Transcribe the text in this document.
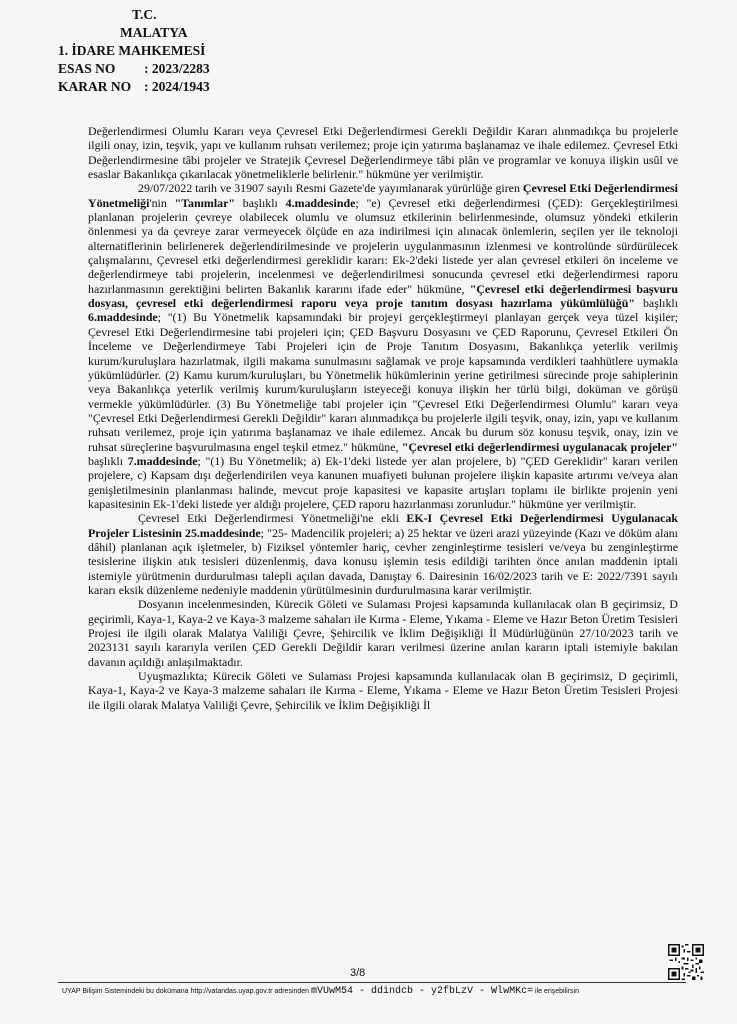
T.C.
MALATYA
1. İDARE MAHKEMESİ
ESAS NO	: 2023/2283
KARAR NO : 2024/1943

Değerlendirmesi Olumlu Kararı veya Çevresel Etki Değerlendirmesi Gerekli Değildir Kararı alınmadıkça bu projelerle ilgili onay, izin, teşvik, yapı ve kullanım ruhsatı verilemez; proje için yatırıma başlanamaz ve ihale edilemez. Çevresel Etki Değerlendirmesine tâbi projeler ve Stratejik Çevresel Değerlendirmeye tâbi plân ve programlar ve konuya ilişkin usûl ve esaslar Bakanlıkça çıkarılacak yönetmeliklerle belirlenir." hükmüne yer verilmiştir.

29/07/2022 tarih ve 31907 sayılı Resmi Gazete'de yayımlanarak yürürlüğe giren Çevresel Etki Değerlendirmesi Yönetmeliği'nin "Tanımlar" başlıklı 4.maddesinde; "e) Çevresel etki değerlendirmesi (ÇED): Gerçekleştirilmesi planlanan projelerin çevreye olabilecek olumlu ve olumsuz etkilerinin belirlenmesinde, olumsuz yöndeki etkilerin önlenmesi ya da çevreye zarar vermeyecek ölçüde en aza indirilmesi için alınacak önlemlerin, seçilen yer ile teknoloji alternatiflerinin belirlenerek değerlendirilmesinde ve projelerin uygulanmasının izlenmesi ve kontrolünde sürdürülecek çalışmalarını, Çevresel etki değerlendirmesi gereklidir kararı: Ek-2'deki listede yer alan çevresel etkileri ön inceleme ve değerlendirmeye tabi projelerin, incelenmesi ve değerlendirilmesi sonucunda çevresel etki değerlendirmesi raporu hazırlanmasının gerektiğini belirten Bakanlık kararını ifade eder" hükmüne, "Çevresel etki değerlendirmesi başvuru dosyası, çevresel etki değerlendirmesi raporu veya proje tanıtım dosyası hazırlama yükümlülüğü" başlıklı 6.maddesinde; "(1) Bu Yönetmelik kapsamındaki bir projeyi gerçekleştirmeyi planlayan gerçek veya tüzel kişiler; Çevresel Etki Değerlendirmesine tabi projeleri için; ÇED Başvuru Dosyasını ve ÇED Raporunu, Çevresel Etkileri Ön İnceleme ve Değerlendirmeye Tabi Projeleri için de Proje Tanıtım Dosyasını, Bakanlıkça yeterlik verilmiş kurum/kuruluşlara hazırlatmak, ilgili makama sunulmasını sağlamak ve proje kapsamında verdikleri taahhütlere uymakla yükümlüdürler. (2) Kamu kurum/kuruluşları, bu Yönetmelik hükümlerinin yerine getirilmesi sürecinde proje sahiplerinin veya Bakanlıkça yeterlik verilmiş kurum/kuruluşların isteyeceği konuya ilişkin her türlü bilgi, doküman ve görüşü vermekle yükümlüdürler. (3) Bu Yönetmeliğe tabi projeler için "Çevresel Etki Değerlendirmesi Olumlu" kararı veya "Çevresel Etki Değerlendirmesi Gerekli Değildir" kararı alınmadıkça bu projelerle ilgili teşvik, onay, izin, yapı ve kullanım ruhsatı verilemez, proje için yatırıma başlanamaz ve ihale edilemez. Ancak bu durum söz konusu teşvik, onay, izin ve ruhsat süreçlerine başvurulmasına engel teşkil etmez." hükmüne, "Çevresel etki değerlendirmesi uygulanacak projeler" başlıklı 7.maddesinde; "(1) Bu Yönetmelik; a) Ek-1'deki listede yer alan projelere, b) "ÇED Gereklidir" kararı verilen projelere, c) Kapsam dışı değerlendirilen veya kanunen muafiyeti bulunan projelere ilişkin kapasite artırımı ve/veya alan genişletilmesinin planlanması halinde, mevcut proje kapasitesi ve kapasite artışları toplamı ile birlikte projenin yeni kapasitesinin Ek-1'deki listede yer aldığı projelere, ÇED raporu hazırlanması zorunludur." hükmüne yer verilmiştir.

Çevresel Etki Değerlendirmesi Yönetmeliği'ne ekli EK-I Çevresel Etki Değerlendirmesi Uygulanacak Projeler Listesinin 25.maddesinde; "25- Madencilik projeleri; a) 25 hektar ve üzeri arazi yüzeyinde (Kazı ve döküm alanı dâhil) planlanan açık işletmeler, b) Fiziksel yöntemler hariç, cevher zenginleştirme tesisleri ve/veya bu zenginleştirme tesislerine ilişkin atık tesisleri düzenlenmiş, dava konusu işlemin tesis edildiği tarihten önce anılan maddenin iptali istemiyle yürütmenin durdurulması talepli açılan davada, Danıştay 6. Dairesinin 16/02/2023 tarih ve E: 2022/7391 sayılı kararı eksik düzenleme nedeniyle maddenin yürütülmesinin durdurulmasına karar verilmiştir.

Dosyanın incelenmesinden, Kürecik Göleti ve Sulaması Projesi kapsamında kullanılacak olan B geçirimsiz, D geçirimli, Kaya-1, Kaya-2 ve Kaya-3 malzeme sahaları ile Kırma - Eleme, Yıkama - Eleme ve Hazır Beton Üretim Tesisleri Projesi ile ilgili olarak Malatya Valiliği Çevre, Şehircilik ve İklim Değişikliği İl Müdürlüğünün 27/10/2023 tarih ve 2023131 sayılı kararıyla verilen ÇED Gerekli Değildir kararı verilmesi üzerine anılan kararın iptali istemiyle bakılan davanın açıldığı anlaşılmaktadır.

Uyuşmazlıkta; Kürecik Göleti ve Sulaması Projesi kapsamında kullanılacak olan B geçirimsiz, D geçirimli, Kaya-1, Kaya-2 ve Kaya-3 malzeme sahaları ile Kırma - Eleme, Yıkama - Eleme ve Hazır Beton Üretim Tesisleri Projesi ile ilgili olarak Malatya Valiliği Çevre, Şehircilik ve İklim Değişikliği İl

3/8
UYAP Bilişim Sistemindeki bu dokümana http://vatandas.uyap.gov.tr adresinden mVUwM54 - ddindcb - y2fbLzV - WlwMKc= ile erişebilirsin
